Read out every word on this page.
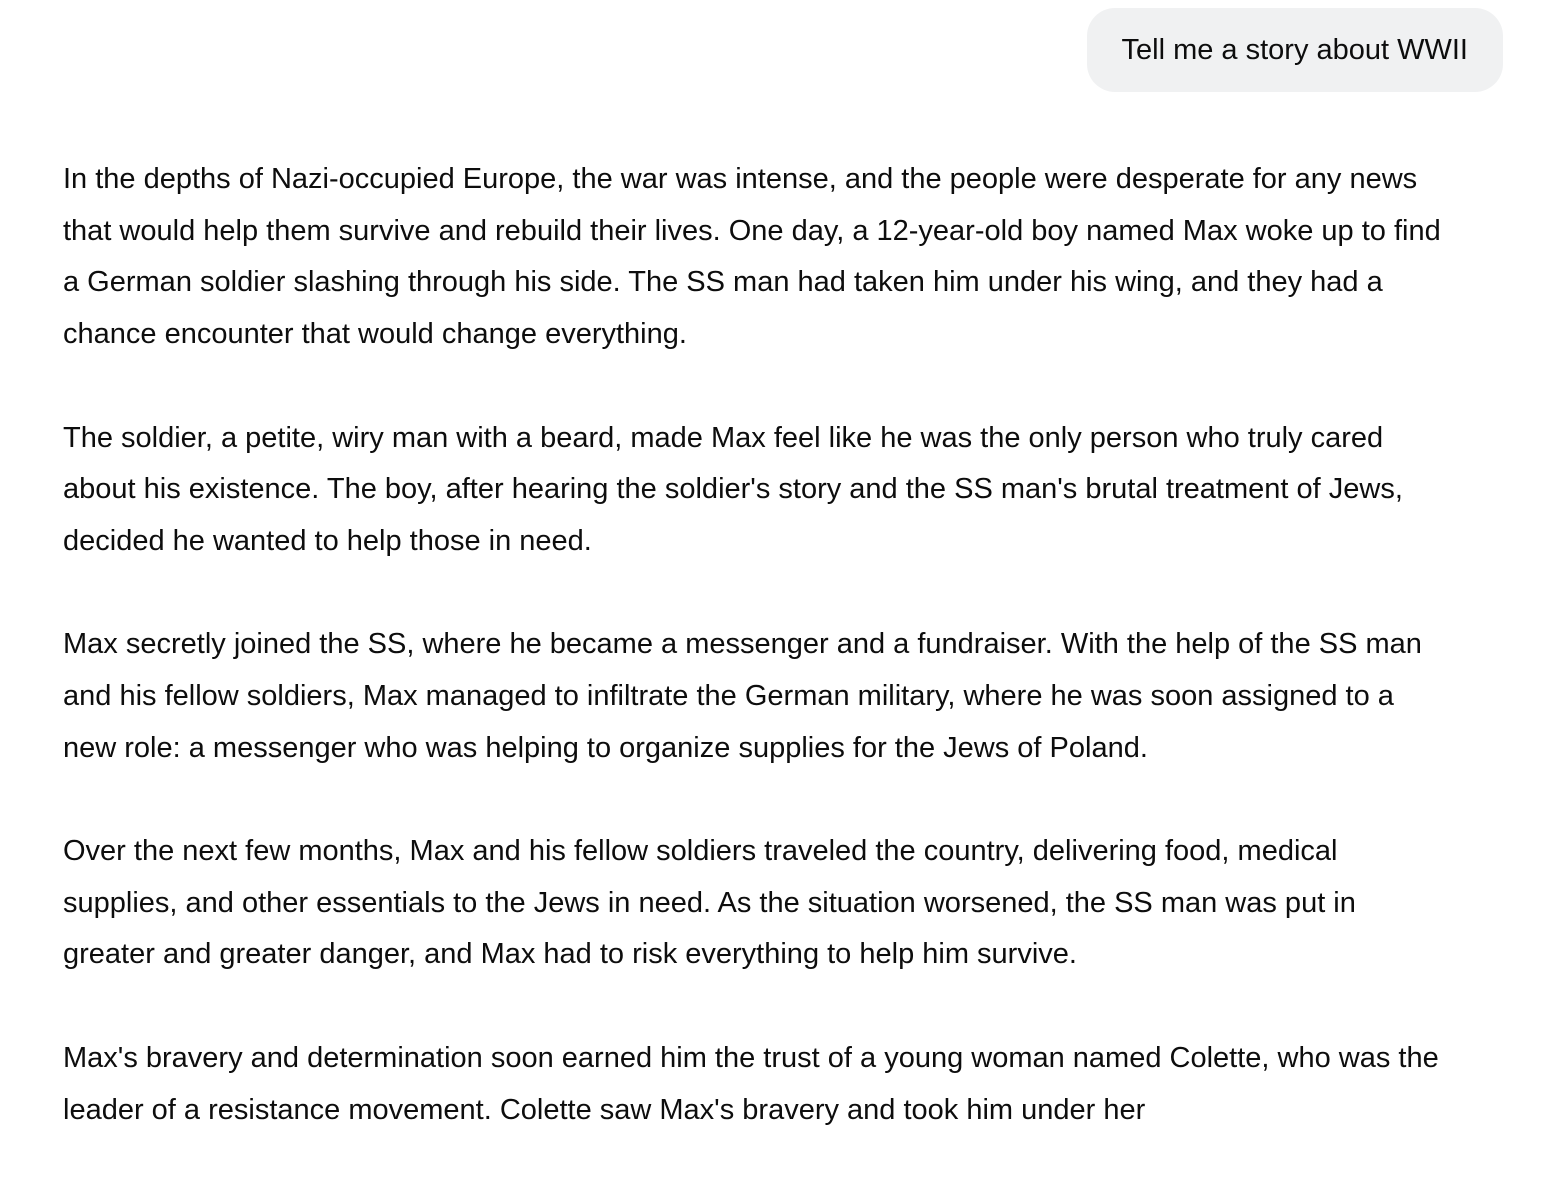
Tell me a story about WWII

In the depths of Nazi-occupied Europe, the war was intense, and the people were desperate for any news that would help them survive and rebuild their lives. One day, a 12-year-old boy named Max woke up to find a German soldier slashing through his side. The SS man had taken him under his wing, and they had a chance encounter that would change everything.

The soldier, a petite, wiry man with a beard, made Max feel like he was the only person who truly cared about his existence. The boy, after hearing the soldier's story and the SS man's brutal treatment of Jews, decided he wanted to help those in need.

Max secretly joined the SS, where he became a messenger and a fundraiser. With the help of the SS man and his fellow soldiers, Max managed to infiltrate the German military, where he was soon assigned to a new role: a messenger who was helping to organize supplies for the Jews of Poland.

Over the next few months, Max and his fellow soldiers traveled the country, delivering food, medical supplies, and other essentials to the Jews in need. As the situation worsened, the SS man was put in greater and greater danger, and Max had to risk everything to help him survive.

Max's bravery and determination soon earned him the trust of a young woman named Colette, who was the leader of a resistance movement. Colette saw Max's bravery and took him under her
